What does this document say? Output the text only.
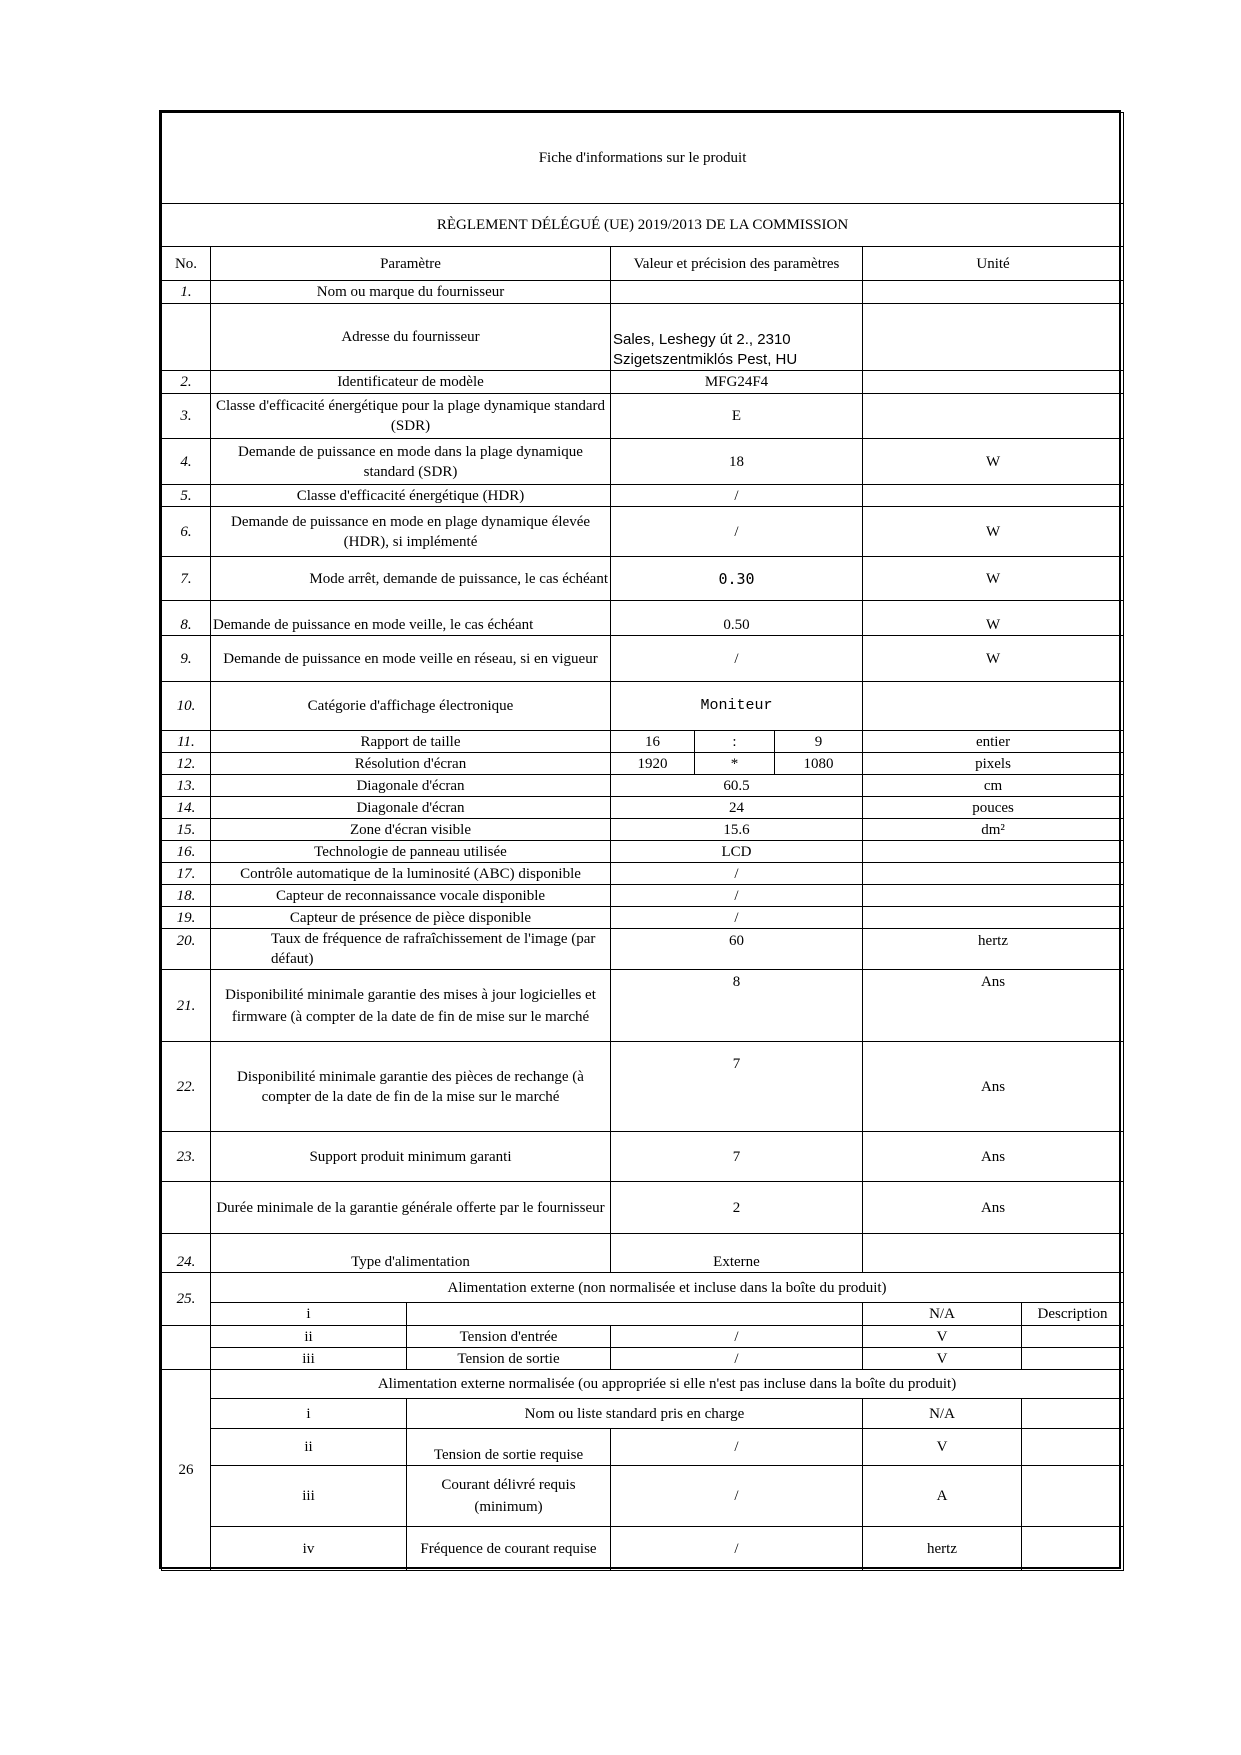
Fiche d'informations sur le produit							
RÈGLEMENT DÉLÉGUÉ (UE) 2019/2013 DE LA COMMISSION							
No.	Paramètre		Valeur et précision des paramètres			Unité	
1.	Nom ou marque du fournisseur						
	Adresse du fournisseur		Sales, Leshegy út 2., 2310 Szigetszentmiklós Pest, HU				
2.	Identificateur de modèle		MFG24F4				
3.	Classe d'efficacité énergétique pour la plage dynamique standard (SDR)		E				
4.	Demande de puissance en mode dans la plage dynamique standard (SDR)		18			W	
5.	Classe d'efficacité énergétique (HDR)		/				
6.	Demande de puissance en mode en plage dynamique élevée (HDR), si implémenté		/			W	
7.	Mode arrêt, demande de puissance, le cas échéant		0.30			W	
8.	Demande de puissance en mode veille, le cas échéant		0.50			W	
9.	Demande de puissance en mode veille en réseau, si en vigueur		/			W	
10.	Catégorie d'affichage électronique		Moniteur				
11.	Rapport de taille		16	:	9	entier	
12.	Résolution d'écran		1920	*	1080	pixels	
13.	Diagonale d'écran		60.5			cm	
14.	Diagonale d'écran		24			pouces	
15.	Zone d'écran visible		15.6			dm²	
16.	Technologie de panneau utilisée		LCD				
17.	Contrôle automatique de la luminosité (ABC) disponible		/				
18.	Capteur de reconnaissance vocale disponible		/				
19.	Capteur de présence de pièce disponible		/				
20.	Taux de fréquence de rafraîchissement de l'image (par défaut)		60			hertz	
21.	Disponibilité minimale garantie des mises à jour logicielles et firmware (à compter de la date de fin de mise sur le marché		8			Ans	
22.	Disponibilité minimale garantie des pièces de rechange (à compter de la date de fin de la mise sur le marché		7			Ans	
23.	Support produit minimum garanti		7			Ans	
	Durée minimale de la garantie générale offerte par le fournisseur		2			Ans	
24.	Type d'alimentation		Externe				
25.	Alimentation externe (non normalisée et incluse dans la boîte du produit)						
	i					N/A	Description
	ii	Tension d'entrée	/			V	
	iii	Tension de sortie	/			V	
26	Alimentation externe normalisée (ou appropriée si elle n'est pas incluse dans la boîte du produit)						
	i	Nom ou liste standard pris en charge				N/A	
	ii	Tension de sortie requise	/			V	
	iii	Courant délivré requis (minimum)	/			A	
	iv	Fréquence de courant requise	/			hertz	
